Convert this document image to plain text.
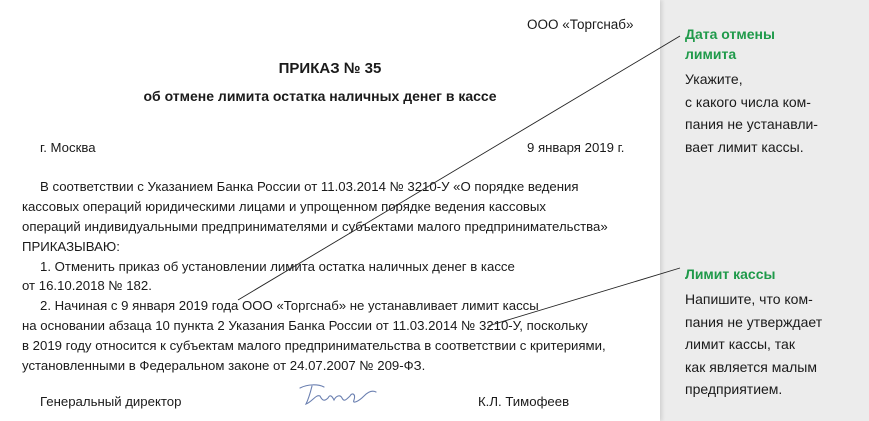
ООО «Торгснаб»
ПРИКАЗ № 35
об отмене лимита остатка наличных денег в кассе
г. Москва	9 января 2019 г.
В соответствии с Указанием Банка России от 11.03.2014 № 3210-У «О порядке ведения
кассовых операций юридическими лицами и упрощенном порядке ведения кассовых
операций индивидуальными предпринимателями и субъектами малого предпринимательства»
ПРИКАЗЫВАЮ:
1. Отменить приказ об установлении лимита остатка наличных денег в кассе
от 16.10.2018 № 182.
2. Начиная с 9 января 2019 года ООО «Торгснаб» не устанавливает лимит кассы
на основании абзаца 10 пункта 2 Указания Банка России от 11.03.2014 № 3210-У, поскольку
в 2019 году относится к субъектам малого предпринимательства в соответствии с критериями,
установленными в Федеральном законе от 24.07.2007 № 209-ФЗ.
Генеральный директор	К.Л. Тимофеев
Дата отмены
лимита
Укажите,
с какого числа ком-
пания не устанавли-
вает лимит кассы.
Лимит кассы
Напишите, что ком-
пания не утверждает
лимит кассы, так
как является малым
предприятием.
